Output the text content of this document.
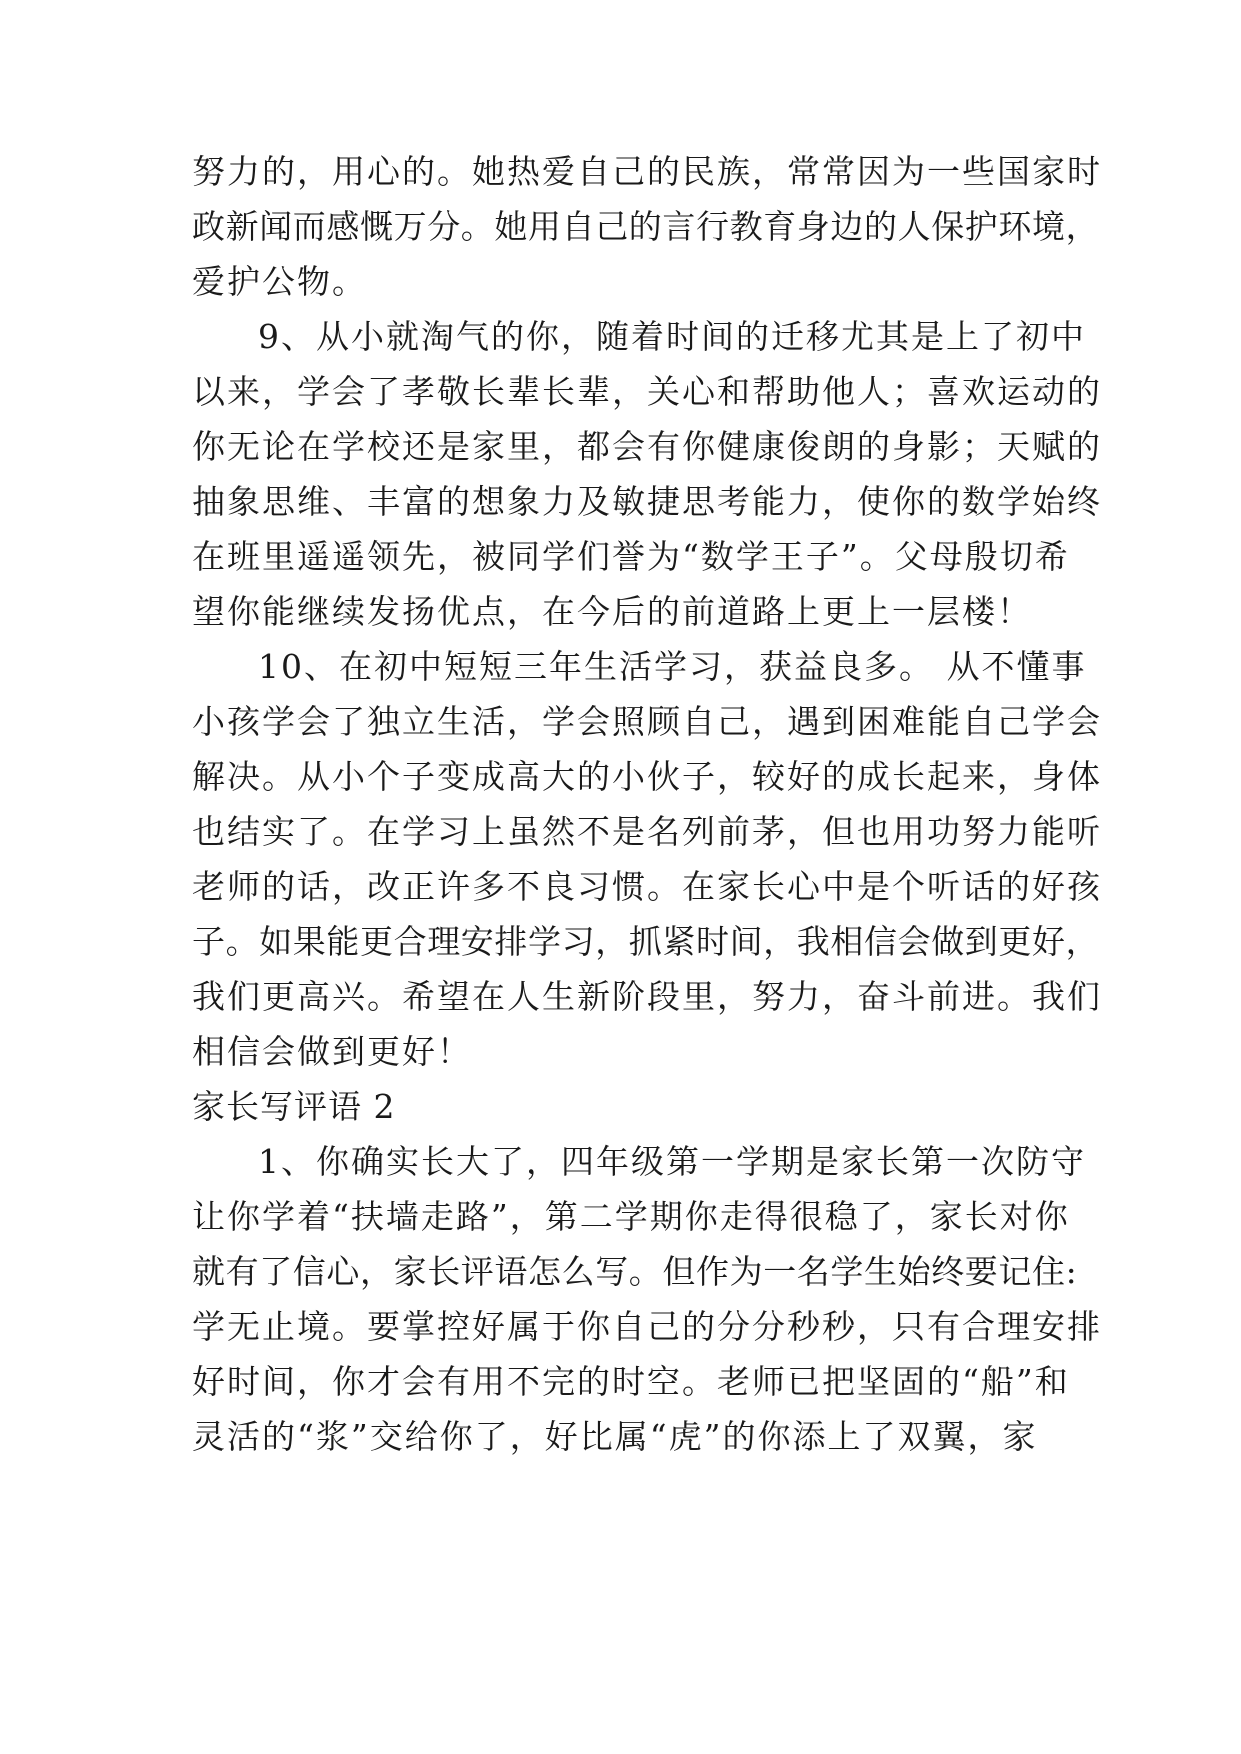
努力的，用心的。她热爱自己的民族，常常因为一些国家时
政新闻而感慨万分。她用自己的言行教育身边的人保护环境，
爱护公物。
9、从小就淘气的你，随着时间的迁移尤其是上了初中
以来，学会了孝敬长辈长辈，关心和帮助他人；喜欢运动的
你无论在学校还是家里，都会有你健康俊朗的身影；天赋的
抽象思维、丰富的想象力及敏捷思考能力，使你的数学始终
在班里遥遥领先，被同学们誉为“数学王子”。父母殷切希
望你能继续发扬优点，在今后的前道路上更上一层楼！
10、在初中短短三年生活学习，获益良多。 从不懂事
小孩学会了独立生活，学会照顾自己，遇到困难能自己学会
解决。从小个子变成高大的小伙子，较好的成长起来，身体
也结实了。在学习上虽然不是名列前茅，但也用功努力能听
老师的话，改正许多不良习惯。在家长心中是个听话的好孩
子。如果能更合理安排学习，抓紧时间，我相信会做到更好，
我们更高兴。希望在人生新阶段里，努力，奋斗前进。我们
相信会做到更好！
家长写评语 2
1、你确实长大了，四年级第一学期是家长第一次防守
让你学着“扶墙走路”，第二学期你走得很稳了，家长对你
就有了信心，家长评语怎么写。但作为一名学生始终要记住:
学无止境。要掌控好属于你自己的分分秒秒，只有合理安排
好时间，你才会有用不完的时空。老师已把坚固的“船”和
灵活的“浆”交给你了，好比属“虎”的你添上了双翼，家
